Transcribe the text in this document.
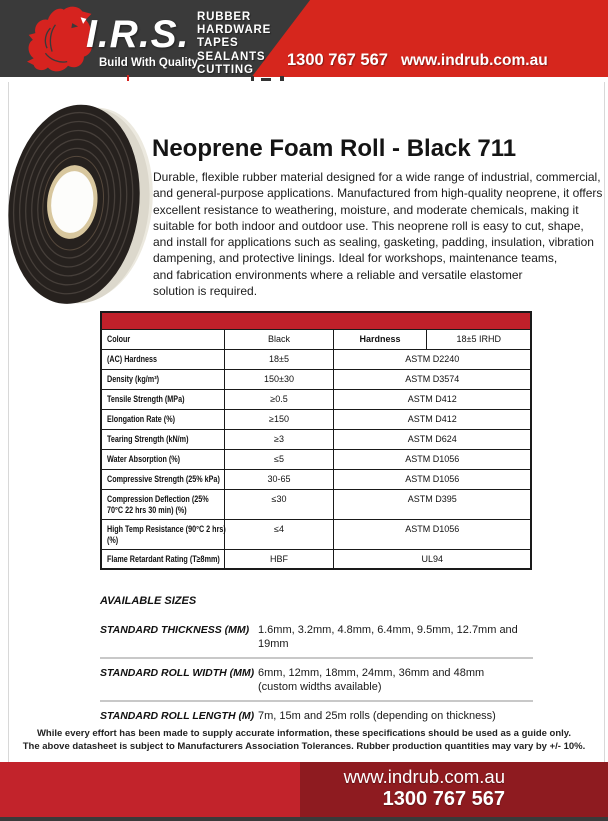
I.R.S.
Build With Quality
RUBBER
HARDWARE
TAPES
SEALANTS
CUTTING
1300 767 567 www.indrub.com.au
Neoprene Foam Roll - Black 711
Durable, flexible rubber material designed for a wide range of industrial, commercial,
and general-purpose applications. Manufactured from high-quality neoprene, it offers
excellent resistance to weathering, moisture, and moderate chemicals, making it
suitable for both indoor and outdoor use. This neoprene roll is easy to cut, shape,
and install for applications such as sealing, gasketing, padding, insulation, vibration
dampening, and protective linings. Ideal for workshops, maintenance teams,
and fabrication environments where a reliable and versatile elastomer
solution is required.

Colour	Black	Hardness	18±5 IRHD

(AC) Hardness	18±5	ASTM D2240	

Density (kg/m³)	150±30	ASTM D3574	

Tensile Strength (MPa)	≥0.5	ASTM D412	

Elongation Rate (%)	≥150	ASTM D412	

Tearing Strength (kN/m)	≥3	ASTM D624	

Water Absorption (%)	≤5	ASTM D1056	

Compressive Strength (25% kPa)	30-65	ASTM D1056	

Compression Deflection (25%
70°C 22 hrs 30 min) (%)	≤30	ASTM D395	

High Temp Resistance (90°C 2 hrs)
(%)	≤4	ASTM D1056	

Flame Retardant Rating (T≥8mm)	HBF	UL94	
AVAILABLE SIZES
STANDARD THICKNESS (MM) 1.6mm, 3.2mm, 4.8mm, 6.4mm, 9.5mm, 12.7mm and 19mm
STANDARD ROLL WIDTH (MM) 6mm, 12mm, 18mm, 24mm, 36mm and 48mm
(custom widths available)
STANDARD ROLL LENGTH (M) 7m, 15m and 25m rolls (depending on thickness)
While every effort has been made to supply accurate information, these specifications should be used as a guide only.
The above datasheet is subject to Manufacturers Association Tolerances. Rubber production quantities may vary by +/- 10%.
www.indrub.com.au
1300 767 567
